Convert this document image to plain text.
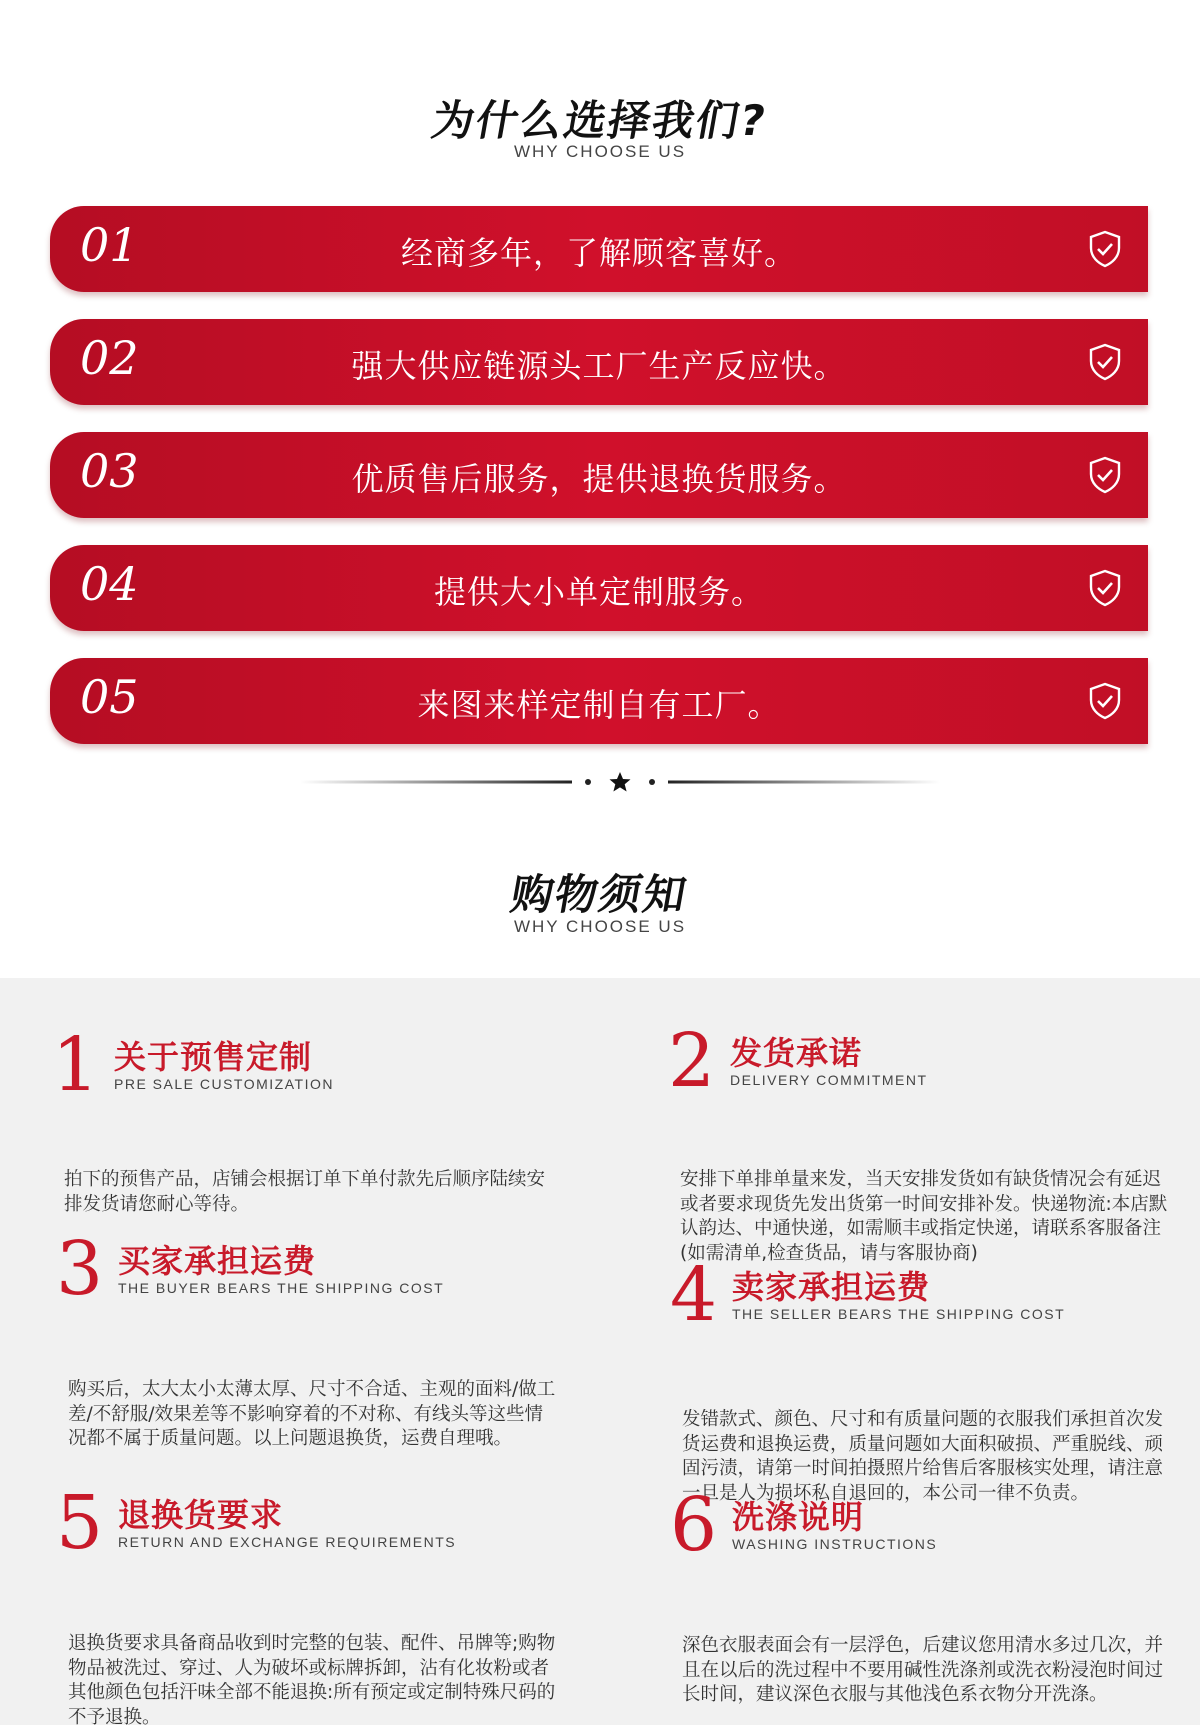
为什么选择我们?
WHY CHOOSE US
01	经商多年，了解顾客喜好。
02	强大供应链源头工厂生产反应快。
03	优质售后服务，提供退换货服务。
04	提供大小单定制服务。
05	来图来样定制自有工厂。
购物须知
WHY CHOOSE US
1 关于预售定制
PRE SALE CUSTOMIZATION
拍下的预售产品，店铺会根据订单下单付款先后顺序陆续安排发货请您耐心等待。
2 发货承诺
DELIVERY COMMITMENT
安排下单排单量来发，当天安排发货如有缺货情况会有延迟或者要求现货先发出货第一时间安排补发。快递物流:本店默认韵达、中通快递，如需顺丰或指定快递，请联系客服备注(如需清单,检查货品，请与客服协商)
3 买家承担运费
THE BUYER BEARS THE SHIPPING COST
购买后，太大太小太薄太厚、尺寸不合适、主观的面料/做工差/不舒服/效果差等不影响穿着的不对称、有线头等这些情况都不属于质量问题。以上问题退换货，运费自理哦。
4 卖家承担运费
THE SELLER BEARS THE SHIPPING COST
发错款式、颜色、尺寸和有质量问题的衣服我们承担首次发货运费和退换运费，质量问题如大面积破损、严重脱线、顽固污渍，请第一时间拍摄照片给售后客服核实处理，请注意一旦是人为损坏私自退回的，本公司一律不负责。
5 退换货要求
RETURN AND EXCHANGE REQUIREMENTS
退换货要求具备商品收到时完整的包装、配件、吊牌等;购物物品被洗过、穿过、人为破坏或标牌拆卸，沾有化妆粉或者其他颜色包括汗味全部不能退换:所有预定或定制特殊尺码的不予退换。
6 洗涤说明
WASHING INSTRUCTIONS
深色衣服表面会有一层浮色，后建议您用清水多过几次，并且在以后的洗过程中不要用碱性洗涤剂或洗衣粉浸泡时间过长时间，建议深色衣服与其他浅色系衣物分开洗涤。
